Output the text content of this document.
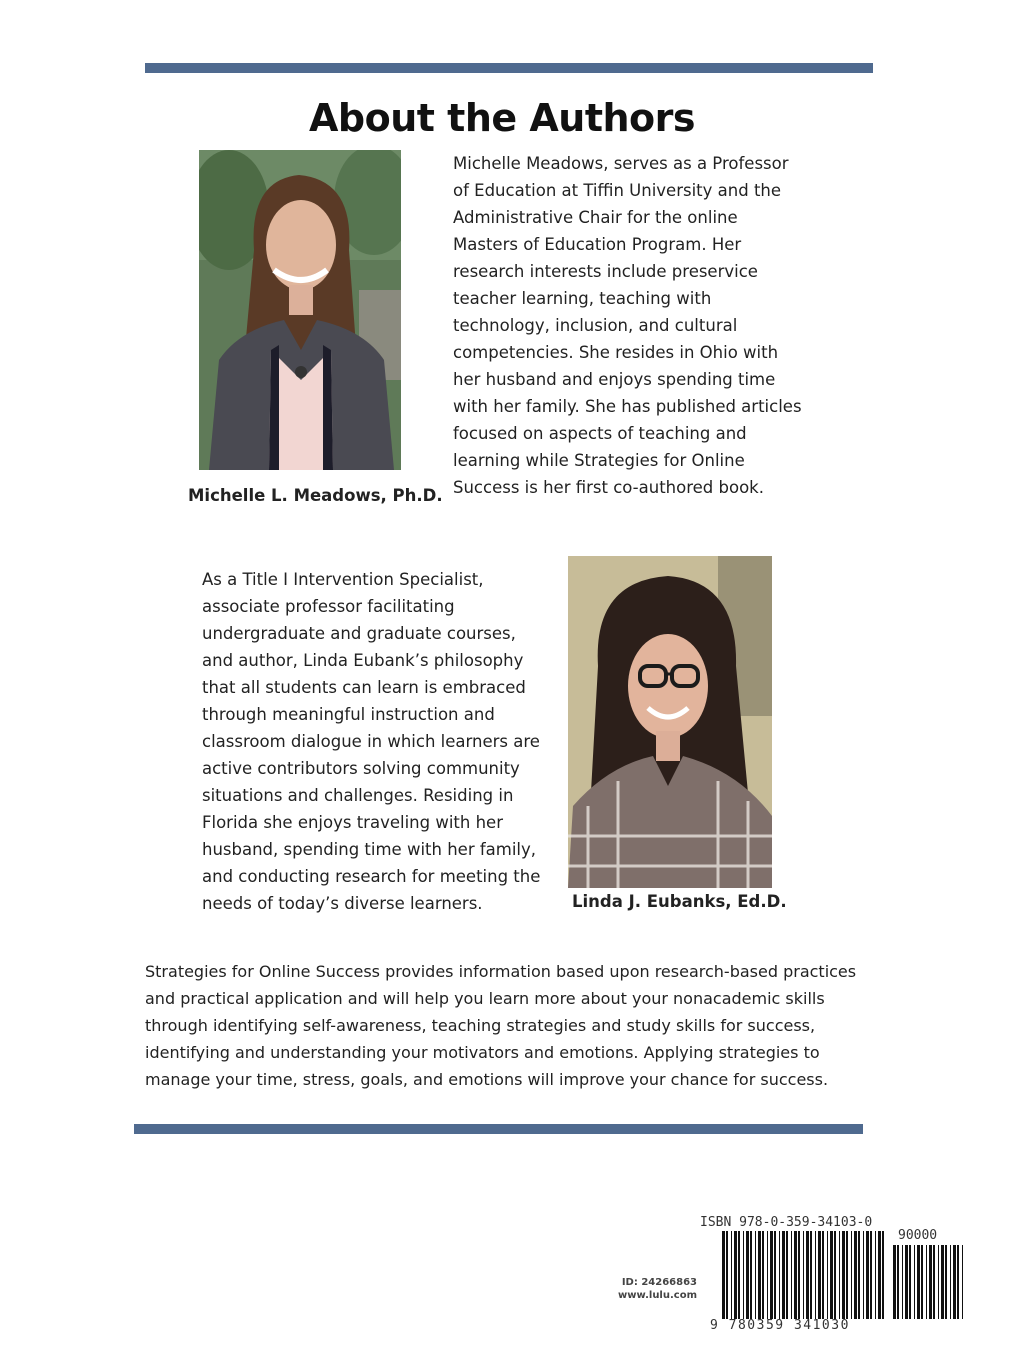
About the Authors
Michelle L. Meadows, Ph.D.
Michelle Meadows, serves as a Professor
of Education at Tiffin University and the
Administrative Chair for the online
Masters of Education Program. Her
research interests include preservice
teacher learning, teaching with
technology, inclusion, and cultural
competencies. She resides in Ohio with
her husband and enjoys spending time
with her family. She has published articles
focused on aspects of teaching and
learning while Strategies for Online
Success is her first co-authored book.
As a Title I Intervention Specialist,
associate professor facilitating
undergraduate and graduate courses,
and author, Linda Eubank’s philosophy
that all students can learn is embraced
through meaningful instruction and
classroom dialogue in which learners are
active contributors solving community
situations and challenges. Residing in
Florida she enjoys traveling with her
husband, spending time with her family,
and conducting research for meeting the
needs of today’s diverse learners.	Linda J. Eubanks, Ed.D.
Strategies for Online Success provides information based upon research-based practices
and practical application and will help you learn more about your nonacademic skills
through identifying self-awareness, teaching strategies and study skills for success,
identifying and understanding your motivators and emotions. Applying strategies to
manage your time, stress, goals, and emotions will improve your chance for success.
ID: 24266863
www.lulu.com
ISBN 978-0-359-34103-0
90000
9 780359 341030
